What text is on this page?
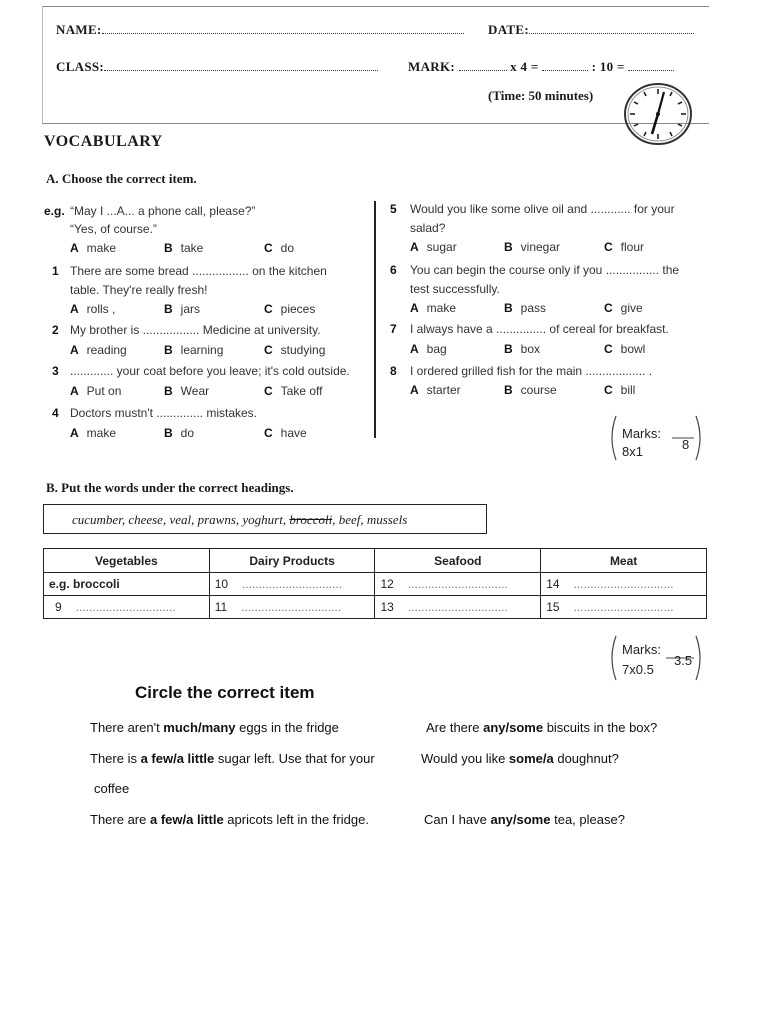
NAME:	DATE:
CLASS:	MARK:	x 4 =	: 10 =
(Time: 50 minutes)
VOCABULARY
A. Choose the correct item.
e.g. “May I ...A... a phone call, please?”
“Yes, of course.”
A make	B take	C do
1 There are some bread ................. on the kitchen
table. They're really fresh!
A rolls ,	B jars	C pieces
2 My brother is ................. Medicine at university.
A reading	B learning	C studying
3 ............. your coat before you leave; it's cold outside.
A Put on	B Wear	C Take off
4 Doctors mustn't .............. mistakes.
A make	B do	C have
5 Would you like some olive oil and ............ for your
salad?
A sugar	B vinegar	C flour
6 You can begin the course only if you ................ the
test successfully.
A make	B pass	C give
7 I always have a ............... of cereal for breakfast.
A bag	B box	C bowl
8 I ordered grilled fish for the main .................. .
A starter	B course	C bill
Marks:
8x1	8
B. Put the words under the correct headings.
cucumber, cheese, veal, prawns, yoghurt, broccoli, beef, mussels
Vegetables	Dairy Products	Seafood	Meat
e.g. broccoli	10 ..............................	12 ..............................	14 ..............................
9 ..............................	11 ..............................	13 ..............................	15 ..............................
Marks:
7x0.5
3.5
Circle the correct item
There aren't much/many eggs in the fridge	Are there any/some biscuits in the box?
There is a few/a little sugar left. Use that for your	Would you like some/a doughnut?
coffee
There are a few/a little apricots left in the fridge.	Can I have any/some tea, please?
